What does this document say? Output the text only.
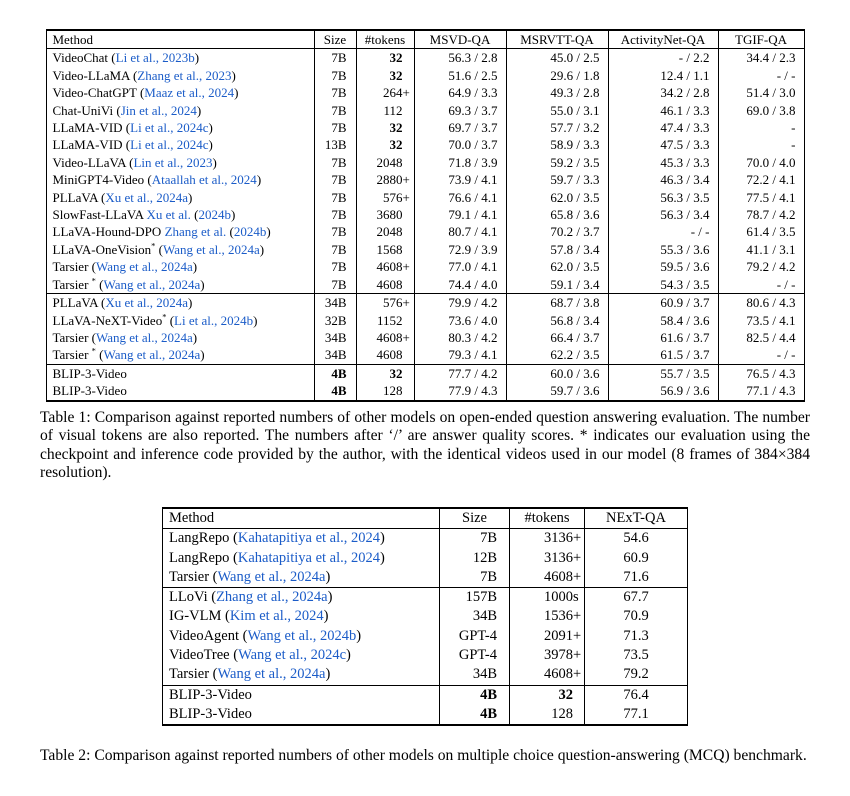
Method	Size	#tokens	MSVD-QA	MSRVTT-QA	ActivityNet-QA	TGIF-QA
VideoChat (Li et al., 2023b)	7B	32	56.3 / 2.8	45.0 / 2.5	- / 2.2	34.4 / 2.3
Video-LLaMA (Zhang et al., 2023)	7B	32	51.6 / 2.5	29.6 / 1.8	12.4 / 1.1	- / -
Video-ChatGPT (Maaz et al., 2024)	7B	264+	64.9 / 3.3	49.3 / 2.8	34.2 / 2.8	51.4 / 3.0
Chat-UniVi (Jin et al., 2024)	7B	112	69.3 / 3.7	55.0 / 3.1	46.1 / 3.3	69.0 / 3.8
LLaMA-VID (Li et al., 2024c)	7B	32	69.7 / 3.7	57.7 / 3.2	47.4 / 3.3	-
LLaMA-VID (Li et al., 2024c)	13B	32	70.0 / 3.7	58.9 / 3.3	47.5 / 3.3	-
Video-LLaVA (Lin et al., 2023)	7B	2048	71.8 / 3.9	59.2 / 3.5	45.3 / 3.3	70.0 / 4.0
MiniGPT4-Video (Ataallah et al., 2024)	7B	2880+	73.9 / 4.1	59.7 / 3.3	46.3 / 3.4	72.2 / 4.1
PLLaVA (Xu et al., 2024a)	7B	576+	76.6 / 4.1	62.0 / 3.5	56.3 / 3.5	77.5 / 4.1
SlowFast-LLaVA Xu et al. (2024b)	7B	3680	79.1 / 4.1	65.8 / 3.6	56.3 / 3.4	78.7 / 4.2
LLaVA-Hound-DPO Zhang et al. (2024b)	7B	2048	80.7 / 4.1	70.2 / 3.7	- / -	61.4 / 3.5
LLaVA-OneVision* (Wang et al., 2024a)	7B	1568	72.9 / 3.9	57.8 / 3.4	55.3 / 3.6	41.1 / 3.1
Tarsier (Wang et al., 2024a)	7B	4608+	77.0 / 4.1	62.0 / 3.5	59.5 / 3.6	79.2 / 4.2
Tarsier * (Wang et al., 2024a)	7B	4608	74.4 / 4.0	59.1 / 3.4	54.3 / 3.5	- / -
PLLaVA (Xu et al., 2024a)	34B	576+	79.9 / 4.2	68.7 / 3.8	60.9 / 3.7	80.6 / 4.3
LLaVA-NeXT-Video* (Li et al., 2024b)	32B	1152	73.6 / 4.0	56.8 / 3.4	58.4 / 3.6	73.5 / 4.1
Tarsier (Wang et al., 2024a)	34B	4608+	80.3 / 4.2	66.4 / 3.7	61.6 / 3.7	82.5 / 4.4
Tarsier * (Wang et al., 2024a)	34B	4608	79.3 / 4.1	62.2 / 3.5	61.5 / 3.7	- / -
BLIP-3-Video	4B	32	77.7 / 4.2	60.0 / 3.6	55.7 / 3.5	76.5 / 4.3
BLIP-3-Video	4B	128	77.9 / 4.3	59.7 / 3.6	56.9 / 3.6	77.1 / 4.3

Table 1: Comparison against reported numbers of other models on open-ended question answering evaluation. The number of visual tokens are also reported. The numbers after ‘/’ are answer quality scores. * indicates our evaluation using the checkpoint and inference code provided by the author, with the identical videos used in our model (8 frames of 384×384 resolution).

Method	Size	#tokens	NExT-QA
LangRepo (Kahatapitiya et al., 2024)	7B	3136+	54.6
LangRepo (Kahatapitiya et al., 2024)	12B	3136+	60.9
Tarsier (Wang et al., 2024a)	7B	4608+	71.6
LLoVi (Zhang et al., 2024a)	157B	1000s	67.7
IG-VLM (Kim et al., 2024)	34B	1536+	70.9
VideoAgent (Wang et al., 2024b)	GPT-4	2091+	71.3
VideoTree (Wang et al., 2024c)	GPT-4	3978+	73.5
Tarsier (Wang et al., 2024a)	34B	4608+	79.2
BLIP-3-Video	4B	32	76.4
BLIP-3-Video	4B	128	77.1

Table 2: Comparison against reported numbers of other models on multiple choice question-answering (MCQ) benchmark.
